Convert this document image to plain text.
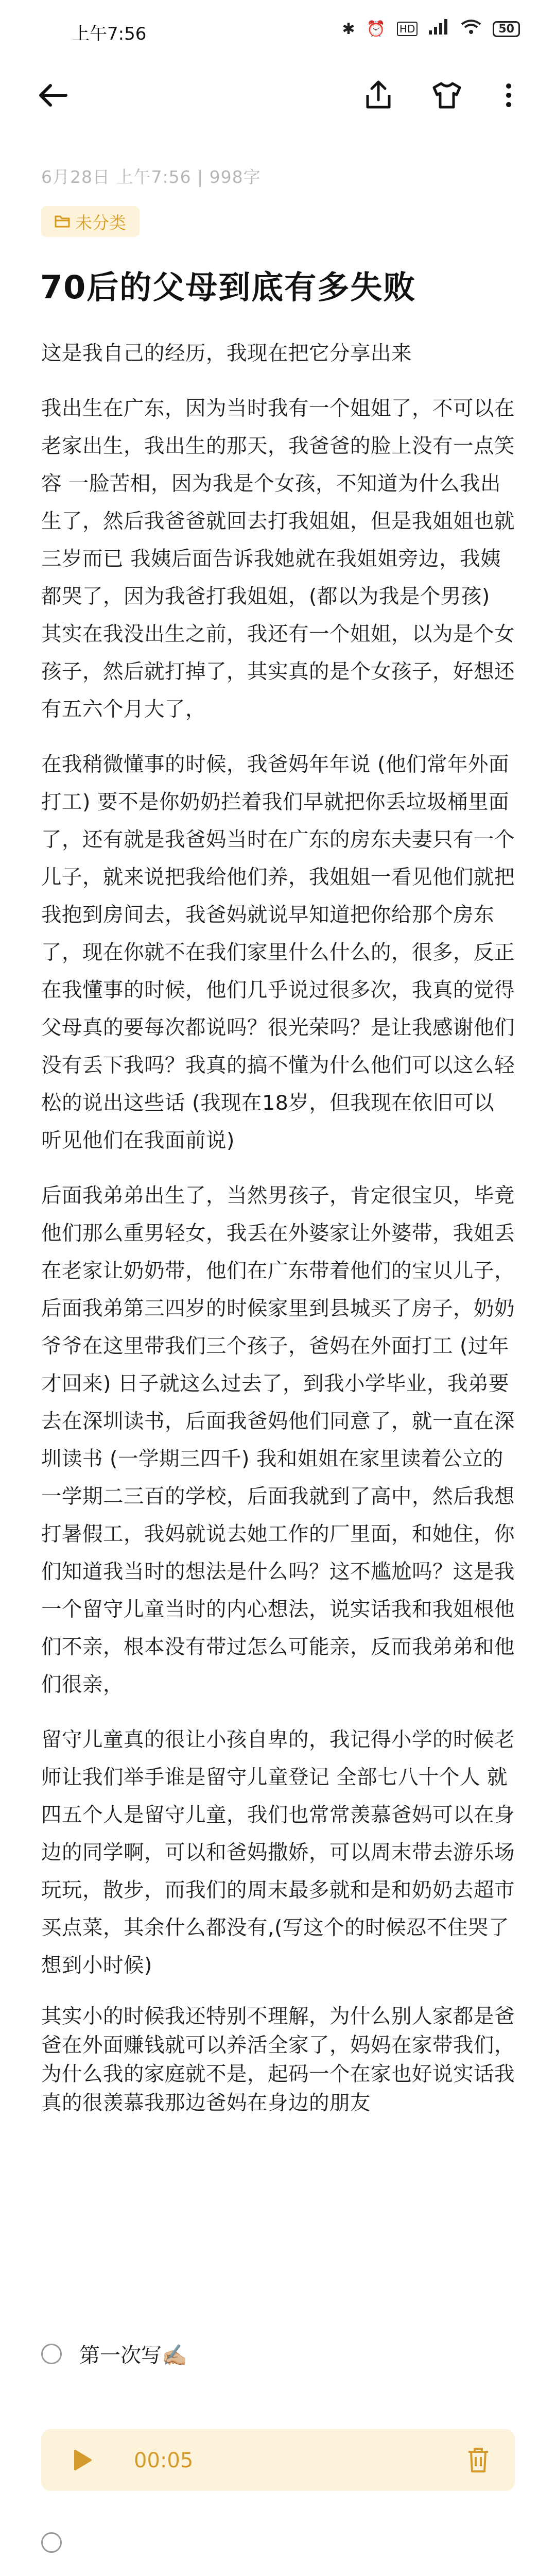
上午7:56	✱ ⏰ HD	50
6月28日 上午7:56 | 998字
未分类
70后的父母到底有多失败

这是我自己的经历，我现在把它分享出来

我出生在广东，因为当时我有一个姐姐了，不可以在老家出生，我出生的那天，我爸爸的脸上没有一点笑容 一脸苦相，因为我是个女孩，不知道为什么我出生了，然后我爸爸就回去打我姐姐，但是我姐姐也就三岁而已 我姨后面告诉我她就在我姐姐旁边，我姨都哭了，因为我爸打我姐姐，(都以为我是个男孩) 其实在我没出生之前，我还有一个姐姐，以为是个女孩子，然后就打掉了，其实真的是个女孩子，好想还有五六个月大了，

在我稍微懂事的时候，我爸妈年年说 (他们常年外面打工) 要不是你奶奶拦着我们早就把你丢垃圾桶里面了，还有就是我爸妈当时在广东的房东夫妻只有一个儿子，就来说把我给他们养，我姐姐一看见他们就把我抱到房间去，我爸妈就说早知道把你给那个房东了，现在你就不在我们家里什么什么的，很多，反正在我懂事的时候，他们几乎说过很多次，我真的觉得父母真的要每次都说吗？很光荣吗？是让我感谢他们没有丢下我吗？我真的搞不懂为什么他们可以这么轻松的说出这些话 (我现在18岁，但我现在依旧可以听见他们在我面前说)

后面我弟弟出生了，当然男孩子，肯定很宝贝，毕竟他们那么重男轻女，我丢在外婆家让外婆带，我姐丢在老家让奶奶带，他们在广东带着他们的宝贝儿子，后面我弟第三四岁的时候家里到县城买了房子，奶奶爷爷在这里带我们三个孩子，爸妈在外面打工 (过年才回来) 日子就这么过去了，到我小学毕业，我弟要去在深圳读书，后面我爸妈他们同意了，就一直在深圳读书 (一学期三四千) 我和姐姐在家里读着公立的一学期二三百的学校，后面我就到了高中，然后我想打暑假工，我妈就说去她工作的厂里面，和她住，你们知道我当时的想法是什么吗？这不尴尬吗？这是我一个留守儿童当时的内心想法，说实话我和我姐根他们不亲，根本没有带过怎么可能亲，反而我弟弟和他们很亲，

留守儿童真的很让小孩自卑的，我记得小学的时候老师让我们举手谁是留守儿童登记 全部七八十个人 就四五个人是留守儿童，我们也常常羡慕爸妈可以在身边的同学啊，可以和爸妈撒娇，可以周末带去游乐场玩玩，散步，而我们的周末最多就和是和奶奶去超市买点菜，其余什么都没有,(写这个的时候忍不住哭了 想到小时候)

其实小的时候我还特别不理解，为什么别人家都是爸爸在外面赚钱就可以养活全家了，妈妈在家带我们，为什么我的家庭就不是，起码一个在家也好说实话我真的很羡慕我那边爸妈在身边的朋友

第一次写✍🏼
00:05
